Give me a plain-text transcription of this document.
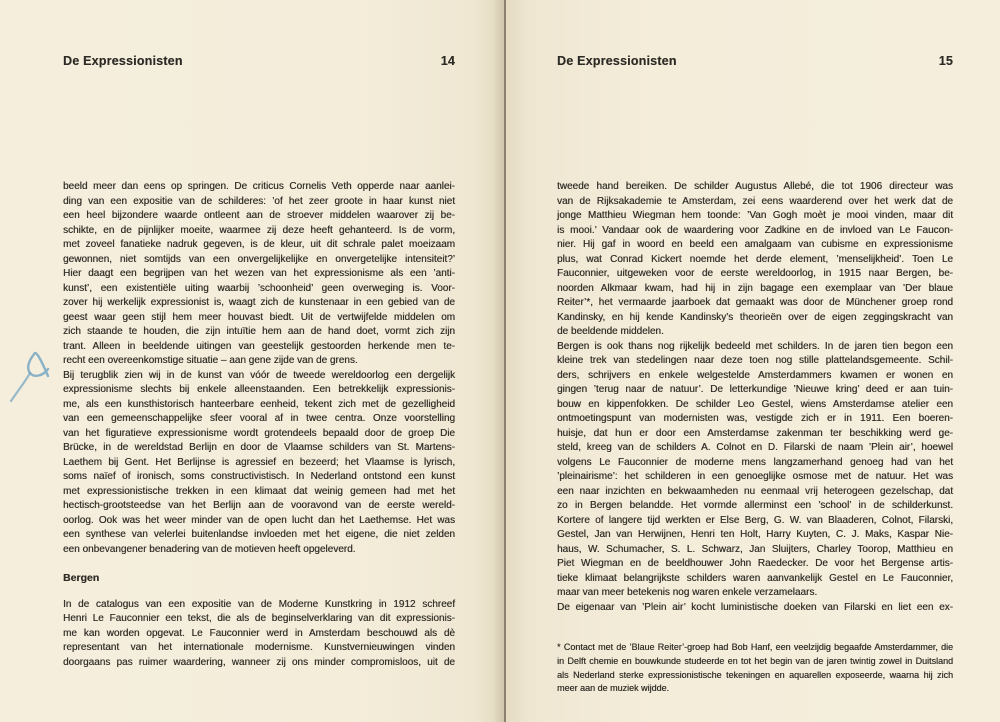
De Expressionisten	14
beeld meer dan eens op springen. De criticus Cornelis Veth opperde naar aanlei-
ding van een expositie van de schilderes: ’of het zeer groote in haar kunst niet
een heel bijzondere waarde ontleent aan de stroever middelen waarover zij be-
schikte, en de pijnlijker moeite, waarmee zij deze heeft gehanteerd. Is de vorm,
met zoveel fanatieke nadruk gegeven, is de kleur, uit dit schrale palet moeizaam
gewonnen, niet somtijds van een onvergelijkelijke en onvergetelijke intensiteit?’
Hier daagt een begrijpen van het wezen van het expressionisme als een ’anti-
kunst’, een existentiële uiting waarbij ’schoonheid’ geen overweging is. Voor-
zover hij werkelijk expressionist is, waagt zich de kunstenaar in een gebied van de
geest waar geen stijl hem meer houvast biedt. Uit de vertwijfelde middelen om
zich staande te houden, die zijn intuïtie hem aan de hand doet, vormt zich zijn
trant. Alleen in beeldende uitingen van geestelijk gestoorden herkende men te-
recht een overeenkomstige situatie – aan gene zijde van de grens.
Bij terugblik zien wij in de kunst van vóór de tweede wereldoorlog een dergelijk
expressionisme slechts bij enkele alleenstaanden. Een betrekkelijk expressionis-
me, als een kunsthistorisch hanteerbare eenheid, tekent zich met de gezelligheid
van een gemeenschappelijke sfeer vooral af in twee centra. Onze voorstelling
van het figuratieve expressionisme wordt grotendeels bepaald door de groep Die
Brücke, in de wereldstad Berlijn en door de Vlaamse schilders van St. Martens-
Laethem bij Gent. Het Berlijnse is agressief en bezeerd; het Vlaamse is lyrisch,
soms naïef of ironisch, soms constructivistisch. In Nederland ontstond een kunst
met expressionistische trekken in een klimaat dat weinig gemeen had met het
hectisch-grootsteedse van het Berlijn aan de vooravond van de eerste wereld-
oorlog. Ook was het weer minder van de open lucht dan het Laethemse. Het was
een synthese van velerlei buitenlandse invloeden met het eigene, die niet zelden
een onbevangener benadering van de motieven heeft opgeleverd.
Bergen
In de catalogus van een expositie van de Moderne Kunstkring in 1912 schreef
Henri Le Fauconnier een tekst, die als de beginselverklaring van dit expressionis-
me kan worden opgevat. Le Fauconnier werd in Amsterdam beschouwd als dè
representant van het internationale modernisme. Kunstvernieuwingen vinden
doorgaans pas ruimer waardering, wanneer zij ons minder compromisloos, uit de
De Expressionisten	15
tweede hand bereiken. De schilder Augustus Allebé, die tot 1906 directeur was
van de Rijksakademie te Amsterdam, zei eens waarderend over het werk dat de
jonge Matthieu Wiegman hem toonde: ’Van Gogh moèt je mooi vinden, maar dit
is mooi.’ Vandaar ook de waardering voor Zadkine en de invloed van Le Faucon-
nier. Hij gaf in woord en beeld een amalgaam van cubisme en expressionisme
plus, wat Conrad Kickert noemde het derde element, ’menselijkheid’. Toen Le
Fauconnier, uitgeweken voor de eerste wereldoorlog, in 1915 naar Bergen, be-
noorden Alkmaar kwam, had hij in zijn bagage een exemplaar van ’Der blaue
Reiter’*, het vermaarde jaarboek dat gemaakt was door de Münchener groep rond
Kandinsky, en hij kende Kandinsky’s theorieën over de eigen zeggingskracht van
de beeldende middelen.
Bergen is ook thans nog rijkelijk bedeeld met schilders. In de jaren tien begon een
kleine trek van stedelingen naar deze toen nog stille plattelandsgemeente. Schil-
ders, schrijvers en enkele welgestelde Amsterdammers kwamen er wonen en
gingen ’terug naar de natuur’. De letterkundige ’Nieuwe kring’ deed er aan tuin-
bouw en kippenfokken. De schilder Leo Gestel, wiens Amsterdamse atelier een
ontmoetingspunt van modernisten was, vestigde zich er in 1911. Een boeren-
huisje, dat hun er door een Amsterdamse zakenman ter beschikking werd ge-
steld, kreeg van de schilders A. Colnot en D. Filarski de naam ’Plein air’, hoewel
volgens Le Fauconnier de moderne mens langzamerhand genoeg had van het
’pleinairisme’: het schilderen in een genoeglijke osmose met de natuur. Het was
een naar inzichten en bekwaamheden nu eenmaal vrij heterogeen gezelschap, dat
zo in Bergen belandde. Het vormde allerminst een ’school’ in de schilderkunst.
Kortere of langere tijd werkten er Else Berg, G. W. van Blaaderen, Colnot, Filarski,
Gestel, Jan van Herwijnen, Henri ten Holt, Harry Kuyten, C. J. Maks, Kaspar Nie-
haus, W. Schumacher, S. L. Schwarz, Jan Sluijters, Charley Toorop, Matthieu en
Piet Wiegman en de beeldhouwer John Raedecker. De voor het Bergense artis-
tieke klimaat belangrijkste schilders waren aanvankelijk Gestel en Le Fauconnier,
maar van meer betekenis nog waren enkele verzamelaars.
De eigenaar van ’Plein air’ kocht luministische doeken van Filarski en liet een ex-
* Contact met de ’Blaue Reiter’-groep had Bob Hanf, een veelzijdig begaafde Amsterdammer, die
in Delft chemie en bouwkunde studeerde en tot het begin van de jaren twintig zowel in Duitsland
als Nederland sterke expressionistische tekeningen en aquarellen exposeerde, waarna hij zich
meer aan de muziek wijdde.
